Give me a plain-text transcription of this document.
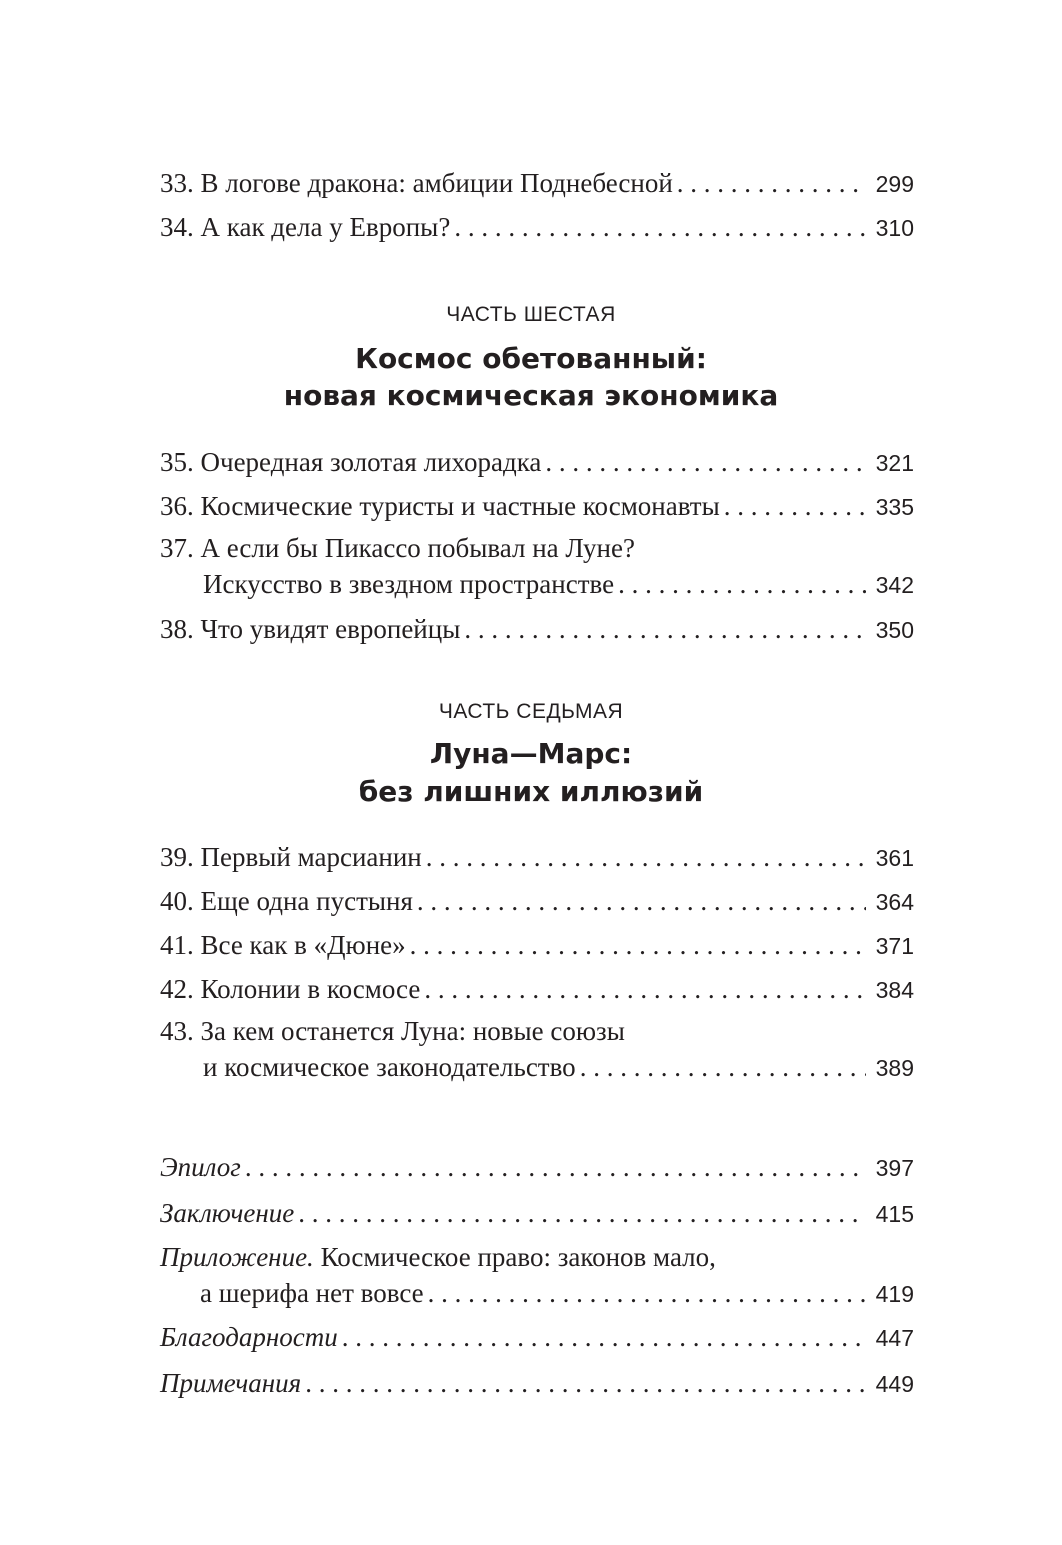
33. В логове дракона: амбиции Поднебесной . . .	299
34. А как дела у Европы? . . .	310
ЧАСТЬ ШЕСТАЯ
Космос обетованный:
новая космическая экономика
35. Очередная золотая лихорадка . . .	321
36. Космические туристы и частные космонавты . . .	335
37. А если бы Пикассо побывал на Луне?
Искусство в звездном пространстве . . .	342
38. Что увидят европейцы . . .	350
ЧАСТЬ СЕДЬМАЯ
Луна—Марс:
без лишних иллюзий
39. Первый марсианин . . .	361
40. Еще одна пустыня . . .	364
41. Все как в «Дюне» . . .	371
42. Колонии в космосе . . .	384
43. За кем останется Луна: новые союзы
и космическое законодательство . . .	389
Эпилог . . .	397
Заключение . . .	415
Приложение. Космическое право: законов мало,
а шерифа нет вовсе . . .	419
Благодарности . . .	447
Примечания . . .	449
